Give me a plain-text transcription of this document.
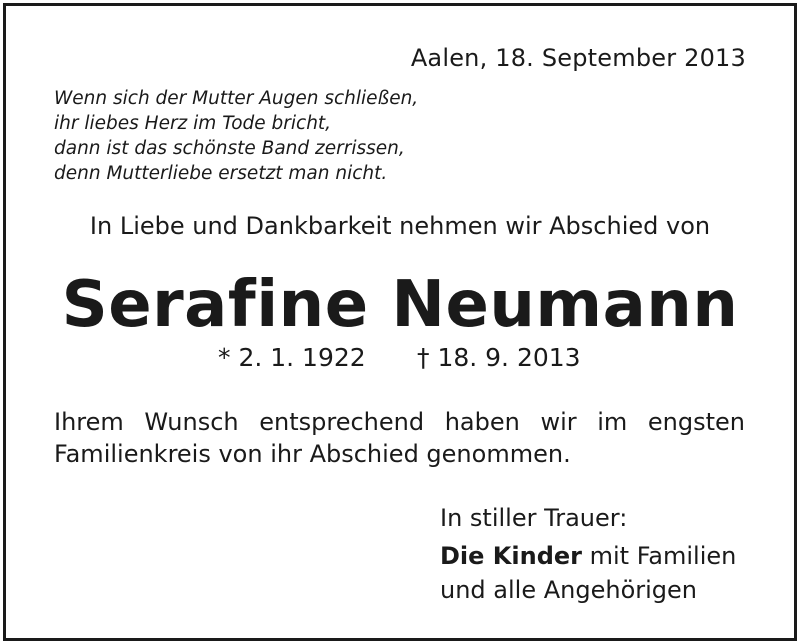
Aalen, 18. September 2013
Wenn sich der Mutter Augen schließen,
ihr liebes Herz im Tode bricht,
dann ist das schönste Band zerrissen,
denn Mutterliebe ersetzt man nicht.
In Liebe und Dankbarkeit nehmen wir Abschied von
Serafine Neumann
* 2. 1. 1922 † 18. 9. 2013
Ihrem Wunsch entsprechend haben wir im engsten
Familienkreis von ihr Abschied genommen.
In stiller Trauer:
Die Kinder mit Familien
und alle Angehörigen
